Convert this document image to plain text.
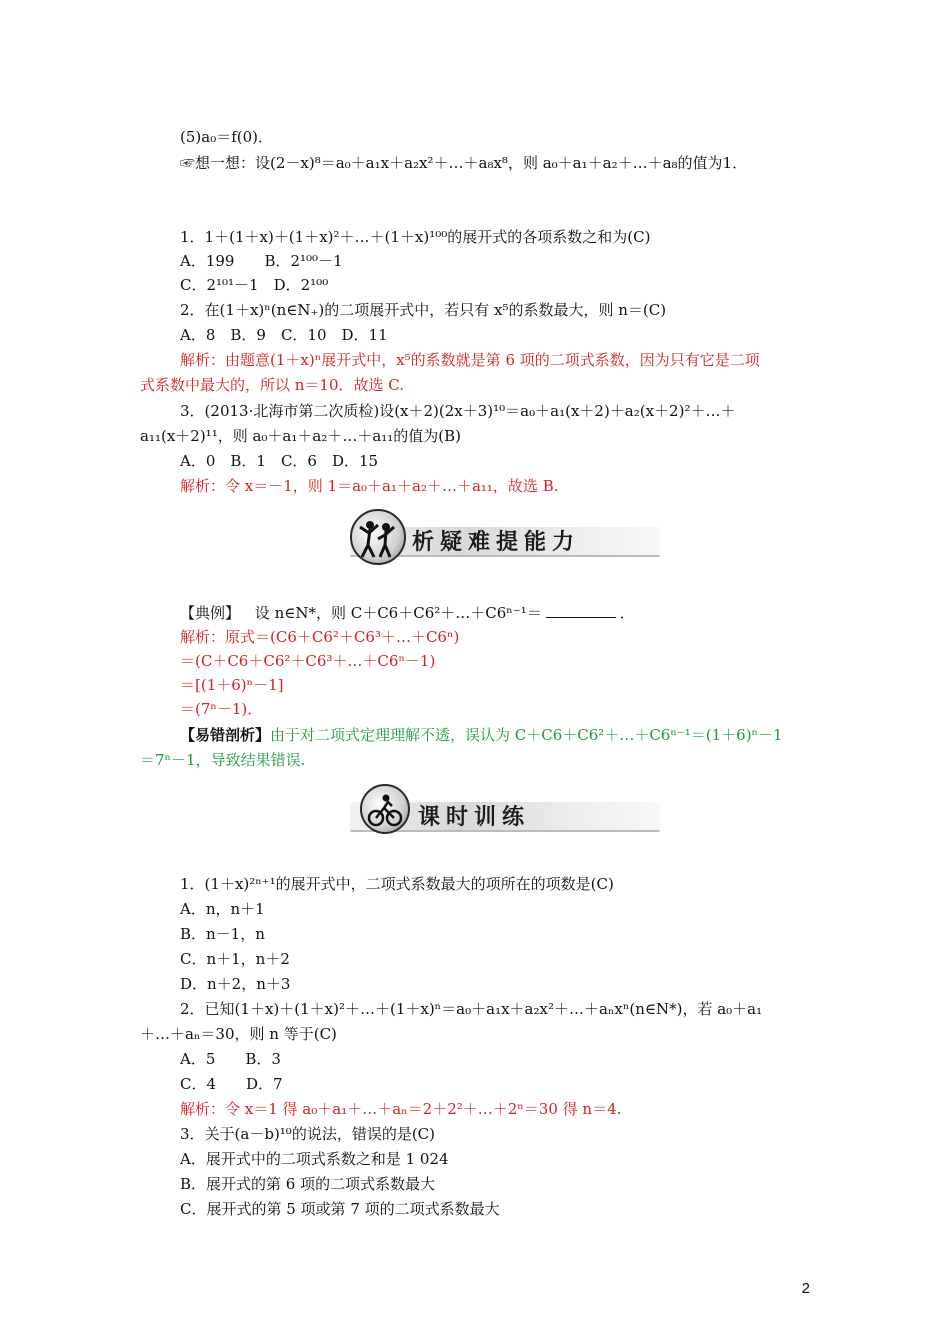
(5)a₀＝f(0)．
☞想一想：设(2－x)⁸＝a₀＋a₁x＋a₂x²＋…＋a₈x⁸，则 a₀＋a₁＋a₂＋…＋a₈的值为1．
1．1＋(1＋x)＋(1＋x)²＋…＋(1＋x)¹⁰⁰的展开式的各项系数之和为(C)
A．199　　B．2¹⁰⁰－1
C．2¹⁰¹－1　D．2¹⁰⁰
2．在(1＋x)ⁿ(n∈N₊)的二项展开式中，若只有 x⁵的系数最大，则 n＝(C)
A．8　B．9　C．10　D．11
解析：由题意(1＋x)ⁿ展开式中，x⁵的系数就是第 6 项的二项式系数，因为只有它是二项
式系数中最大的，所以 n＝10．故选 C.
3．(2013·北海市第二次质检)设(x＋2)(2x＋3)¹⁰＝a₀＋a₁(x＋2)＋a₂(x＋2)²＋…＋
a₁₁(x＋2)¹¹，则 a₀＋a₁＋a₂＋…＋a₁₁的值为(B)
A．0　B．1　C．6　D．15
解析：令 x＝－1，则 1＝a₀＋a₁＋a₂＋…＋a₁₁，故选 B.
析疑难提能力
【典例】 设 n∈N*，则 C＋C6＋C6²＋…＋C6ⁿ⁻¹＝	．
解析：原式＝(C6＋C6²＋C6³＋…＋C6ⁿ)
＝(C＋C6＋C6²＋C6³＋…＋C6ⁿ－1)
＝[(1＋6)ⁿ－1]
＝(7ⁿ－1)．
【易错剖析】由于对二项式定理理解不透，误认为 C＋C6＋C6²＋…＋C6ⁿ⁻¹＝(1＋6)ⁿ－1
＝7ⁿ－1，导致结果错误.
课时训练
1．(1＋x)²ⁿ⁺¹的展开式中，二项式系数最大的项所在的项数是(C)
A．n，n＋1
B．n－1，n
C．n＋1，n＋2
D．n＋2，n＋3
2．已知(1＋x)＋(1＋x)²＋…＋(1＋x)ⁿ＝a₀＋a₁x＋a₂x²＋…＋aₙxⁿ(n∈N*)，若 a₀＋a₁
＋…＋aₙ＝30，则 n 等于(C)
A．5　　B．3
C．4　　D．7
解析：令 x＝1 得 a₀＋a₁＋…＋aₙ＝2＋2²＋…＋2ⁿ＝30 得 n＝4.
3．关于(a－b)¹⁰的说法，错误的是(C)
A．展开式中的二项式系数之和是 1 024
B．展开式的第 6 项的二项式系数最大
C．展开式的第 5 项或第 7 项的二项式系数最大
2
